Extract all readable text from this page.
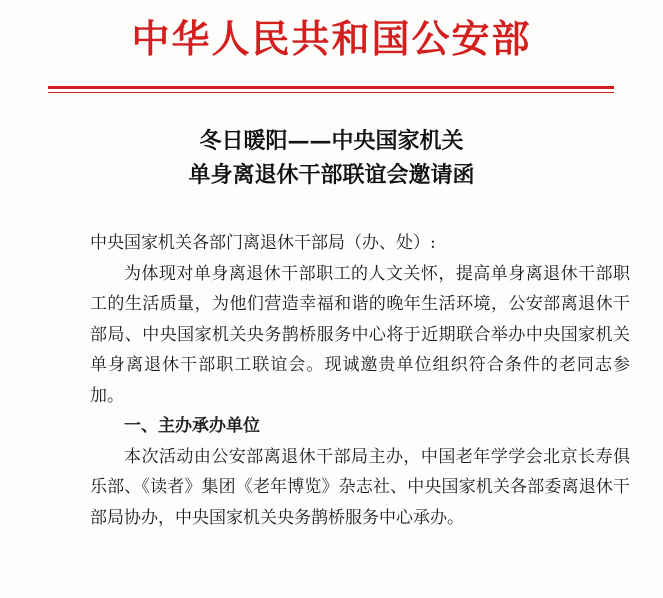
中华人民共和国公安部
冬日暖阳——中央国家机关
单身离退休干部联谊会邀请函

中央国家机关各部门离退休干部局（办、处）:

为体现对单身离退休干部职工的人文关怀，提高单身离退休干部职工的生活质量，为他们营造幸福和谐的晚年生活环境，公安部离退休干部局、中央国家机关央务鹊桥服务中心将于近期联合举办中央国家机关单身离退休干部职工联谊会。现诚邀贵单位组织符合条件的老同志参加。

一、主办承办单位

本次活动由公安部离退休干部局主办，中国老年学学会北京长寿俱乐部、《读者》集团《老年博览》杂志社、中央国家机关各部委离退休干部局协办，中央国家机关央务鹊桥服务中心承办。
